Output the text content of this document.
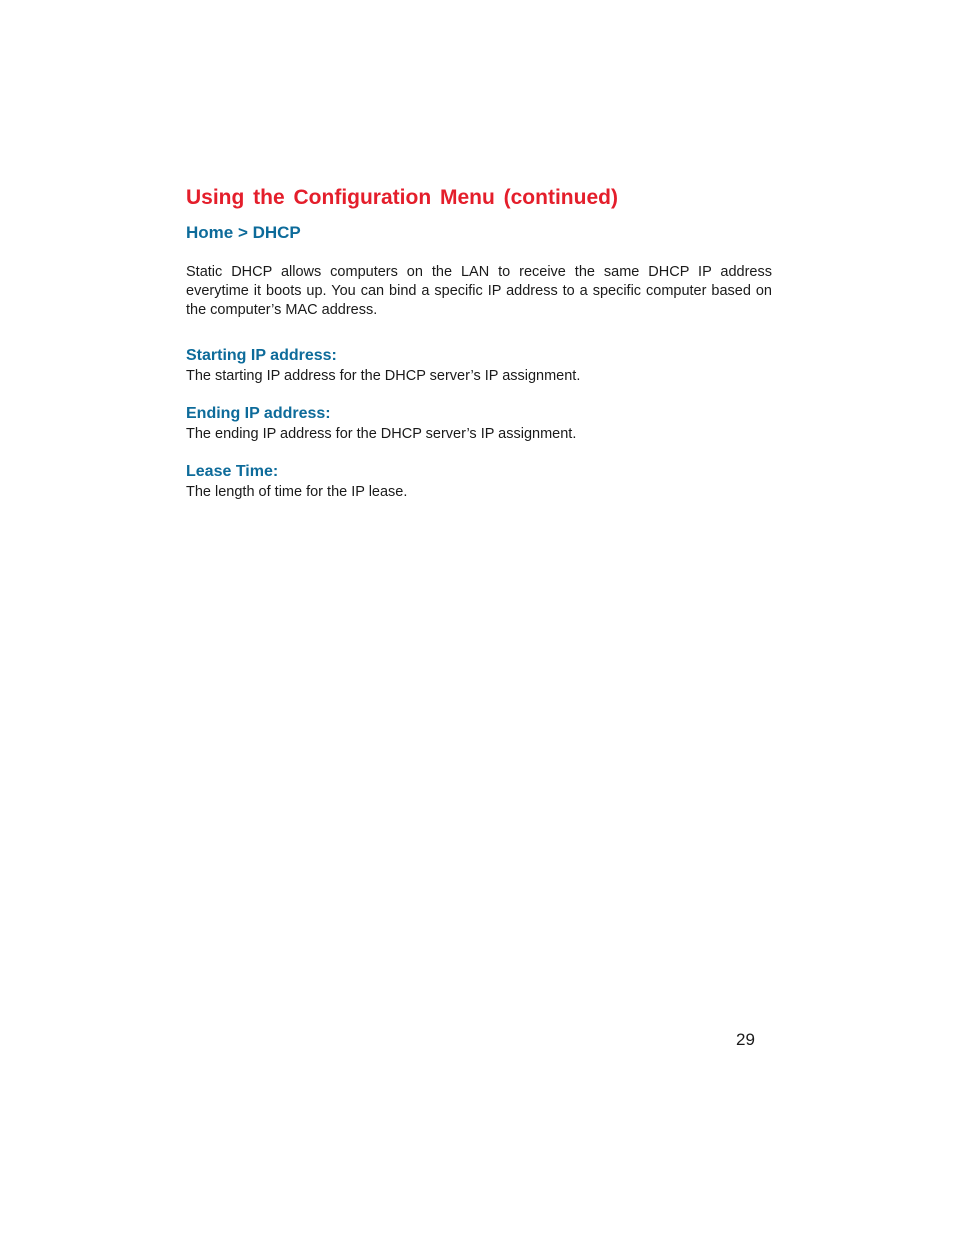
Using the Configuration Menu (continued)
Home > DHCP

Static DHCP allows computers on the LAN to receive the same DHCP IP address everytime it boots up. You can bind a specific IP address to a specific computer based on the computer’s MAC address.

Starting IP address:

The starting IP address for the DHCP server’s IP assignment.

Ending IP address:

The ending IP address for the DHCP server’s IP assignment.

Lease Time:

The length of time for the IP lease.

29
